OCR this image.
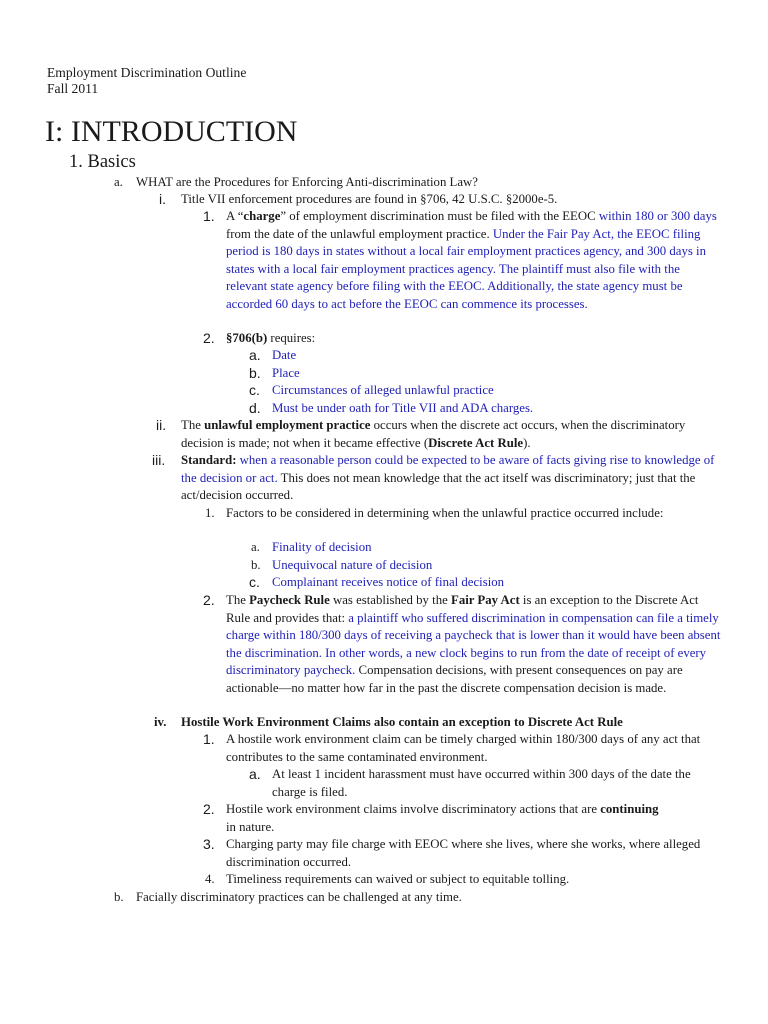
Employment Discrimination Outline
Fall 2011
I: INTRODUCTION
1. Basics
a. WHAT are the Procedures for Enforcing Anti-discrimination Law?
i. Title VII enforcement procedures are found in §706, 42 U.S.C. §2000e-5.
1. A “charge” of employment discrimination must be filed with the EEOC within 180 or 300 days from the date of the unlawful employment practice. Under the Fair Pay Act, the EEOC filing period is 180 days in states without a local fair employment practices agency, and 300 days in states with a local fair employment practices agency. The plaintiff must also file with the relevant state agency before filing with the EEOC. Additionally, the state agency must be accorded 60 days to act before the EEOC can commence its processes.
2. §706(b) requires:
a. Date
b. Place
c. Circumstances of alleged unlawful practice
d. Must be under oath for Title VII and ADA charges.
ii. The unlawful employment practice occurs when the discrete act occurs, when the discriminatory decision is made; not when it became effective (Discrete Act Rule).
iii. Standard: when a reasonable person could be expected to be aware of facts giving rise to knowledge of the decision or act. This does not mean knowledge that the act itself was discriminatory; just that the act/decision occurred.
1. Factors to be considered in determining when the unlawful practice occurred include:
a. Finality of decision
b. Unequivocal nature of decision
c. Complainant receives notice of final decision
2. The Paycheck Rule was established by the Fair Pay Act is an exception to the Discrete Act Rule and provides that: a plaintiff who suffered discrimination in compensation can file a timely charge within 180/300 days of receiving a paycheck that is lower than it would have been absent the discrimination. In other words, a new clock begins to run from the date of receipt of every discriminatory paycheck. Compensation decisions, with present consequences on pay are actionable—no matter how far in the past the discrete compensation decision is made.
iv. Hostile Work Environment Claims also contain an exception to Discrete Act Rule
1. A hostile work environment claim can be timely charged within 180/300 days of any act that contributes to the same contaminated environment.
a. At least 1 incident harassment must have occurred within 300 days of the date the charge is filed.
2. Hostile work environment claims involve discriminatory actions that are continuing in nature.
3. Charging party may file charge with EEOC where she lives, where she works, where alleged discrimination occurred.
4. Timeliness requirements can waived or subject to equitable tolling.
b. Facially discriminatory practices can be challenged at any time.
